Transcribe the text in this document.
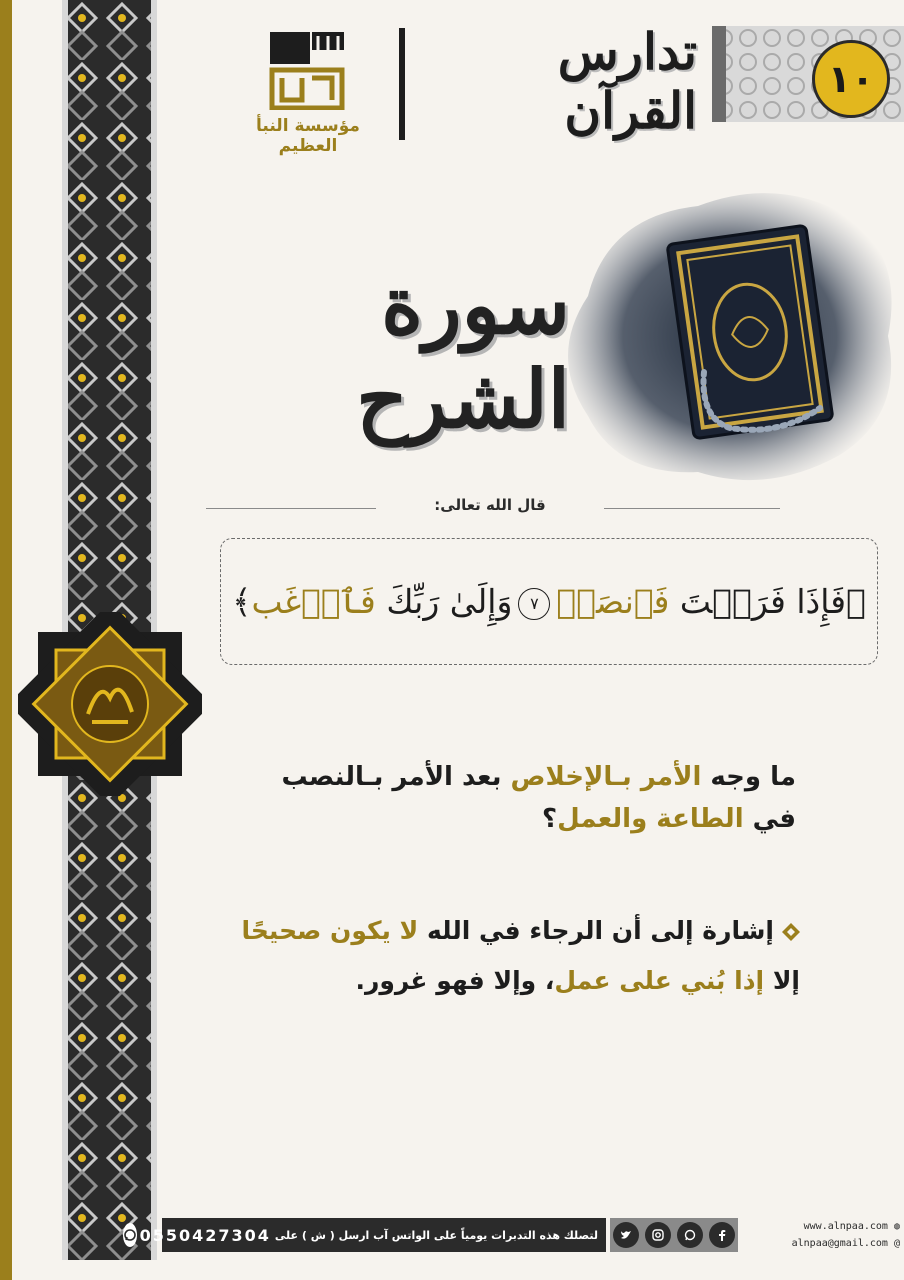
١٠
تدارس القرآن
مؤسسة النبأ العظيم
سورة الشرح
قال الله تعالى:
﴿فَإِذَا فَرَغۡتَ فَٱنصَبۡ٧وَإِلَىٰ رَبِّكَ فَٱرۡغَب﴾
ما وجه الأمر بـالإخلاص بعد الأمر بـالنصب
في الطاعة والعمل؟
إشارة إلى أن الرجاء في الله لا يكون صحيحًا
إلا إذا بُني على عمل، وإلا فهو غرور.
لتصلك هذه التدبرات يومياً على الواتس آب ارسل ( ش ) على
0550427304	www.alnpaa.com ◍
alnpaa@gmail.com @
